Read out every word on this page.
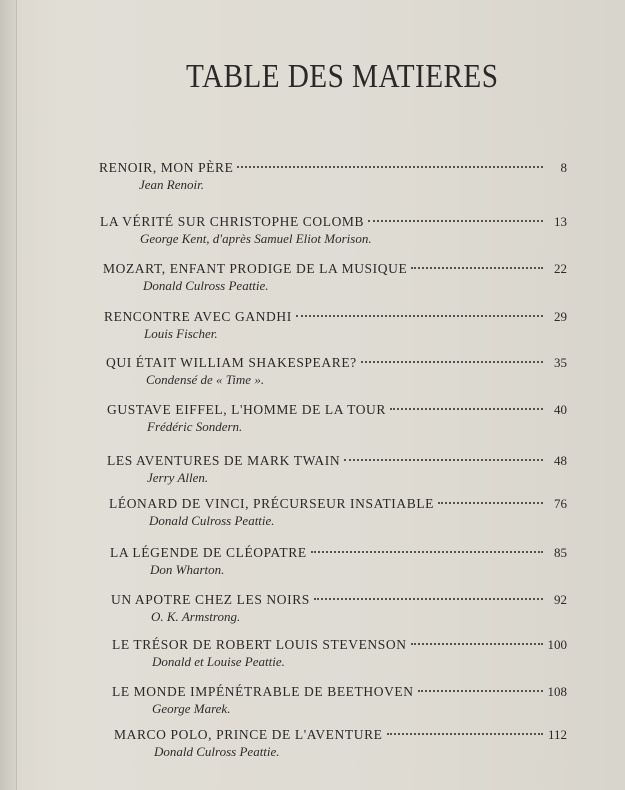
TABLE DES MATIERES
RENOIR, MON PÈRE	8
Jean Renoir.
LA VÉRITÉ SUR CHRISTOPHE COLOMB	13
George Kent, d'après Samuel Eliot Morison.
MOZART, ENFANT PRODIGE DE LA MUSIQUE	22
Donald Culross Peattie.
RENCONTRE AVEC GANDHI	29
Louis Fischer.
QUI ÉTAIT WILLIAM SHAKESPEARE?	35
Condensé de « Time ».
GUSTAVE EIFFEL, L'HOMME DE LA TOUR	40
Frédéric Sondern.
LES AVENTURES DE MARK TWAIN	48
Jerry Allen.
LÉONARD DE VINCI, PRÉCURSEUR INSATIABLE	76
Donald Culross Peattie.
LA LÉGENDE DE CLÉOPATRE	85
Don Wharton.
UN APOTRE CHEZ LES NOIRS	92
O. K. Armstrong.
LE TRÉSOR DE ROBERT LOUIS STEVENSON	100
Donald et Louise Peattie.
LE MONDE IMPÉNÉTRABLE DE BEETHOVEN	108
George Marek.
MARCO POLO, PRINCE DE L'AVENTURE	112
Donald Culross Peattie.
